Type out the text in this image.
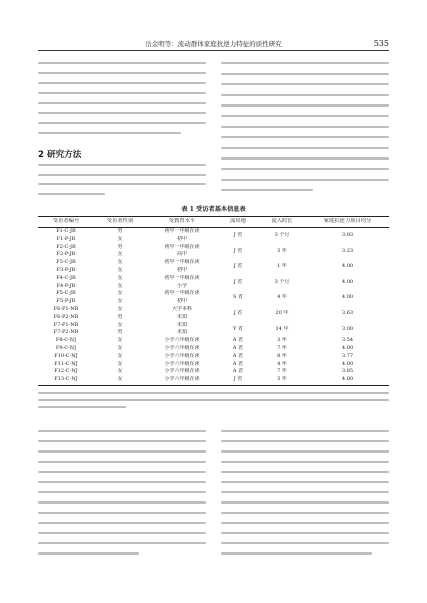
岳金明等：流动群体家庭抗逆力特征的质性研究	535
2 研究方法
表 1 受访者基本信息表
受访者编号	受访者性别	受教育水平	流出地	流入时长	家庭抗逆力项目均分
F1-C-JR	男	初中一年级在读
F1-P-JR	女	初中
J 省	3 个月	3.93
F2-C-JR	男	初中一年级在读
F2-P-JR	女	高中
J 省	3 年	3.23
F3-C-JR	女	初中一年级在读
F3-P-JR	女	初中
J 省	1 年	4.00
F4-C-JR	女	初中一年级在读
F4-P-JR	女	小学
J 省	3 个月	4.00
F5-C-JR	女	初中一年级在读
F5-P-JR	女	初中
S 省	4 年	4.00
F6-P1-NB	女	大学本科
F6-P2-NB	男	未知
J 省	20 年	3.63
F7-P1-NB	女	未知
F7-P2-NB	男	未知
Y 省	14 年	3.00
F8-C-NJ	女	小学六年级在读	A 省	3 年	3.54
F9-C-NJ	女	小学六年级在读	A 省	7 年	4.00
F10-C-NJ	女	小学六年级在读	A 省	8 年	3.77
F11-C-NJ	女	小学六年级在读	A 省	4 年	4.00
F12-C-NJ	女	小学六年级在读	A 省	7 年	3.85
F13-C-NJ	女	小学六年级在读	J 省	3 年	4.00
